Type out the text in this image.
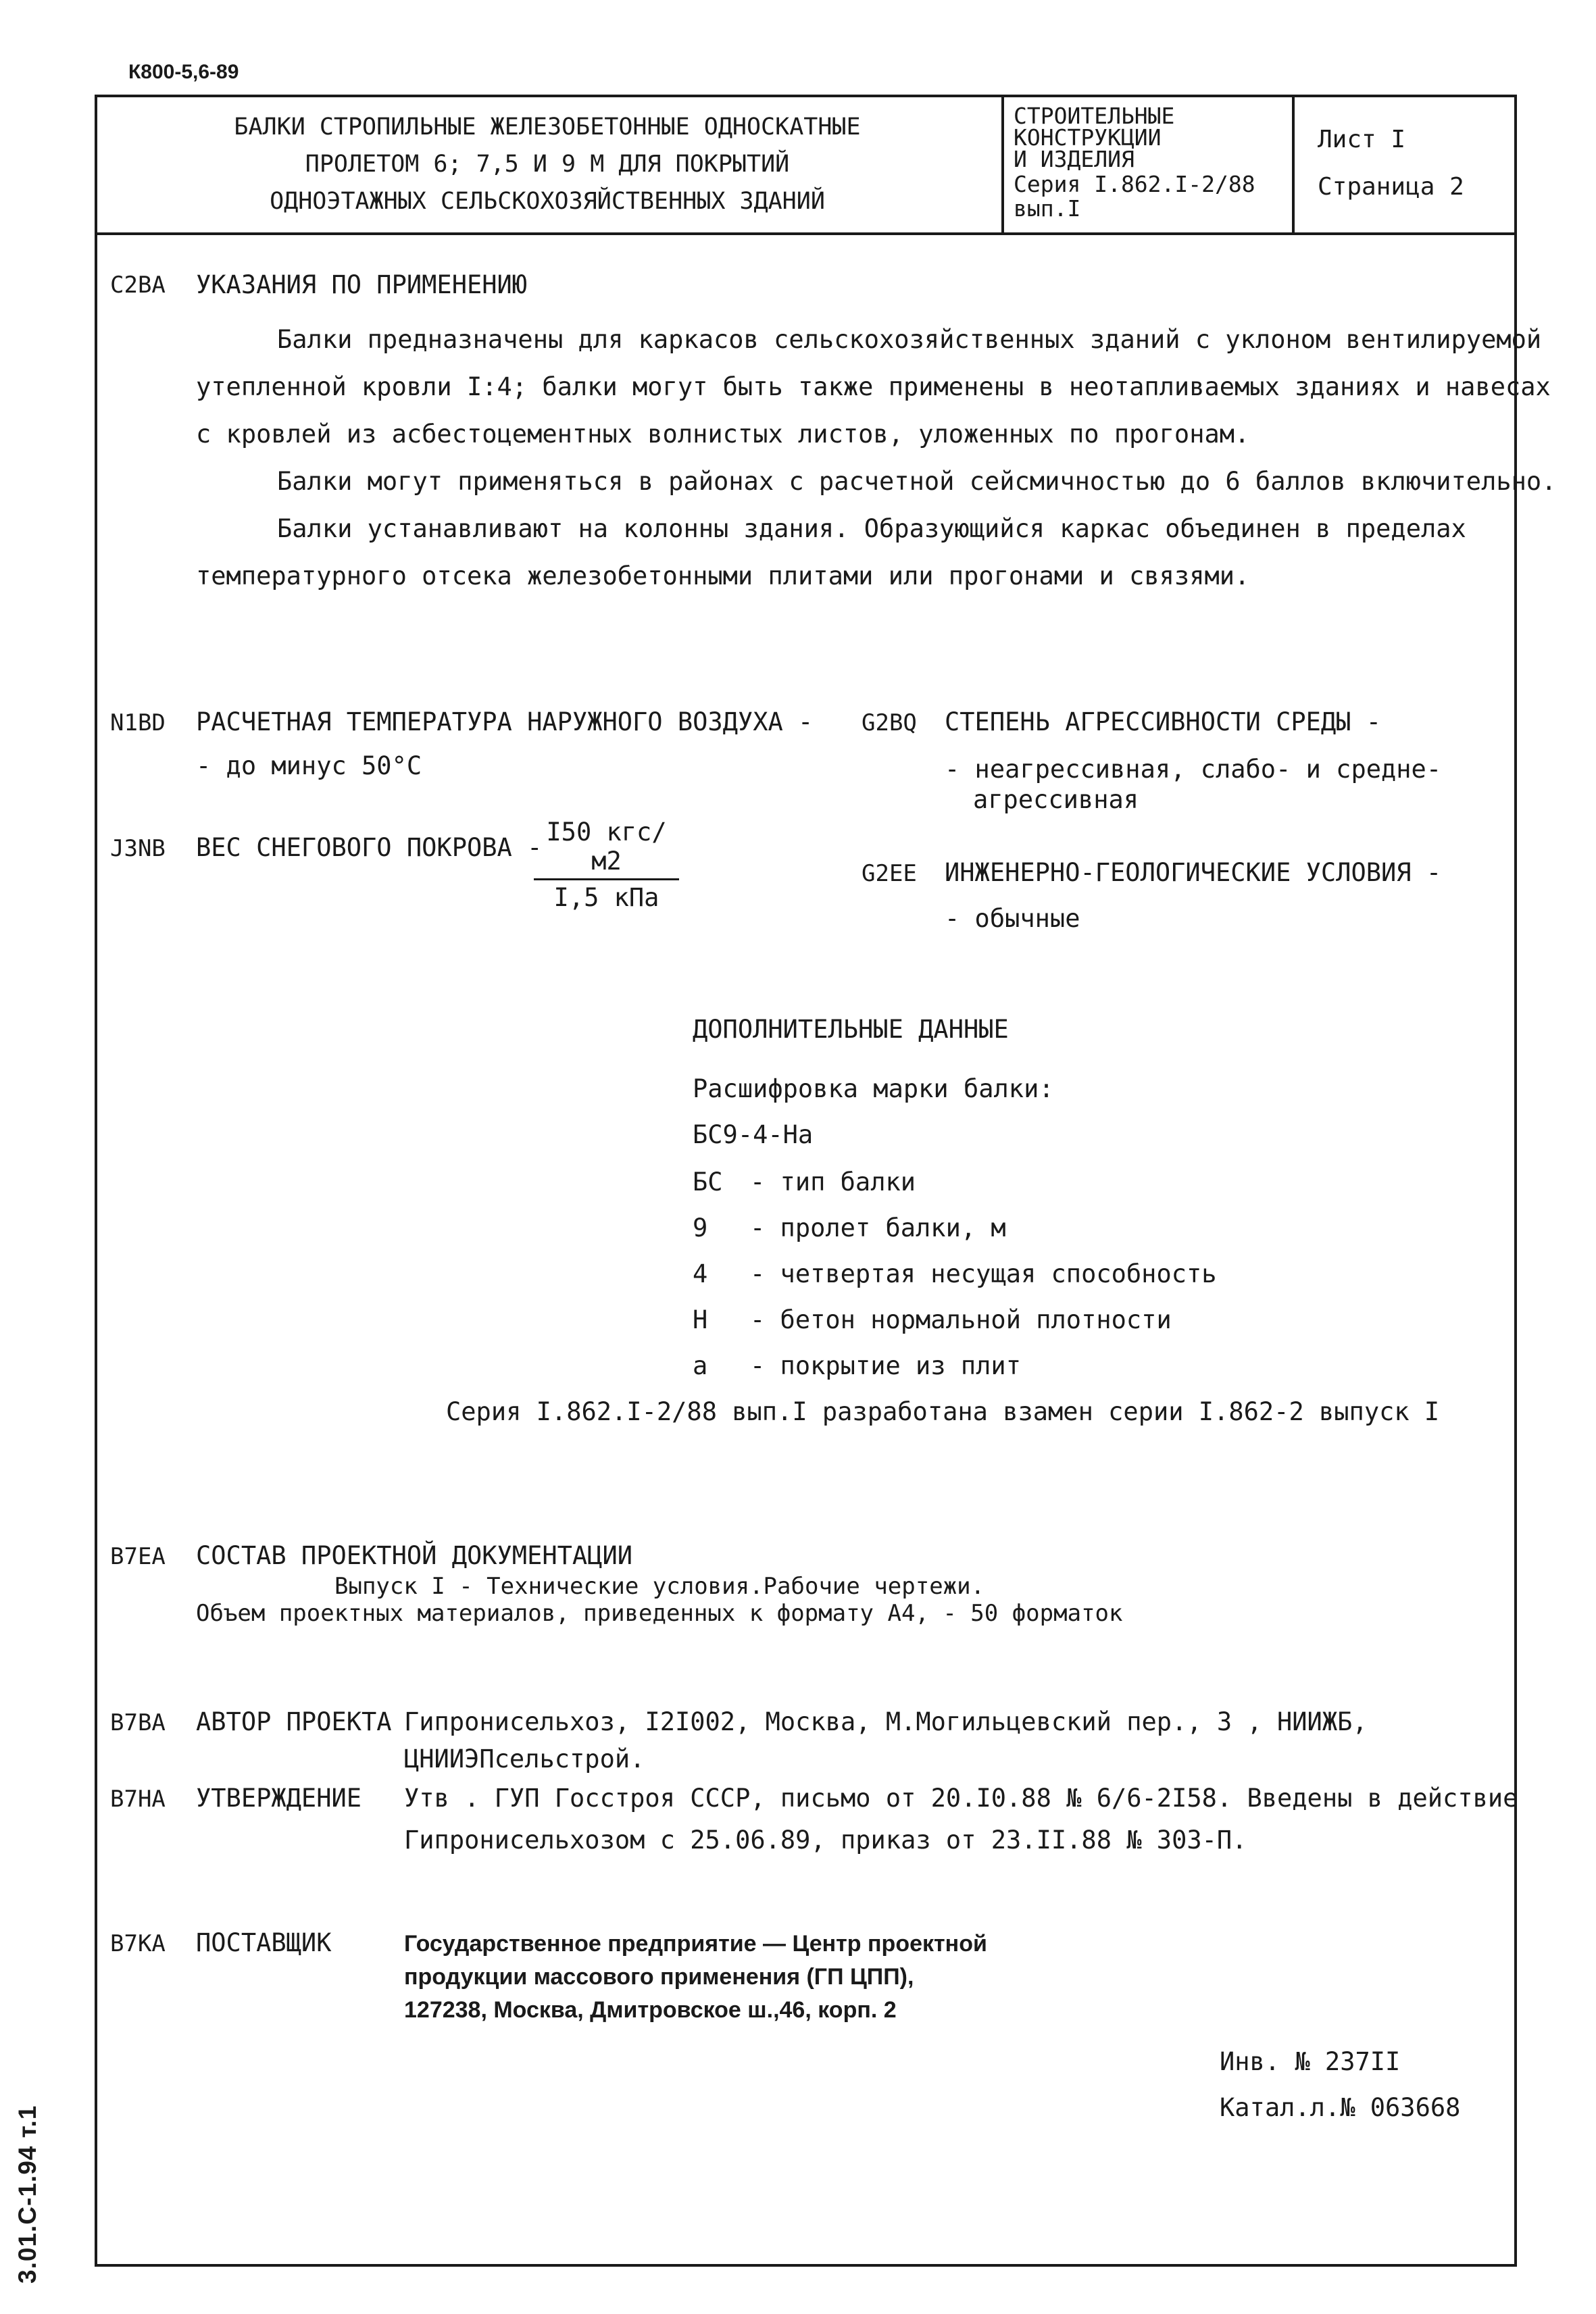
К800-5,6-89
3.01.С-1.94 т.1
БАЛКИ СТРОПИЛЬНЫЕ ЖЕЛЕЗОБЕТОННЫЕ ОДНОСКАТНЫЕ
ПРОЛЕТОМ 6; 7,5 И 9 М ДЛЯ ПОКРЫТИЙ
ОДНОЭТАЖНЫХ СЕЛЬСКОХОЗЯЙСТВЕННЫХ ЗДАНИЙ
СТРОИТЕЛЬНЫЕ
КОНСТРУКЦИИ
И ИЗДЕЛИЯ
Серия I.862.I-2/88
вып.I
Лист I
Страница 2
С2ВА УКАЗАНИЯ ПО ПРИМЕНЕНИЮ
Балки предназначены для каркасов сельскохозяйственных зданий с уклоном вентилируемой
утепленной кровли I:4; балки могут быть также применены в неотапливаемых зданиях и навесах
с кровлей из асбестоцементных волнистых листов, уложенных по прогонам.
Балки могут применяться в районах с расчетной сейсмичностью до 6 баллов включительно.
Балки устанавливают на колонны здания. Образующийся каркас объединен в пределах
температурного отсека железобетонными плитами или прогонами и связями.
N1BD РАСЧЕТНАЯ ТЕМПЕРАТУРА НАРУЖНОГО ВОЗДУХА -
- до минус 50°С
J3NB ВЕС СНЕГОВОГО ПОКРОВА -
I50 кгс/м2
I,5 кПа
G2BQ СТЕПЕНЬ АГРЕССИВНОСТИ СРЕДЫ -
- неагрессивная, слабо- и средне-
агрессивная
G2EE ИНЖЕНЕРНО-ГЕОЛОГИЧЕСКИЕ УСЛОВИЯ -
- обычные
ДОПОЛНИТЕЛЬНЫЕ ДАННЫЕ
Расшифровка марки балки:
БС9-4-На
БС - тип балки
9 - пролет балки, м
4 - четвертая несущая способность
Н - бетон нормальной плотности
а - покрытие из плит
Серия I.862.I-2/88 вып.I разработана взамен серии I.862-2 выпуск I
B7EA СОСТАВ ПРОЕКТНОЙ ДОКУМЕНТАЦИИ
Выпуск I - Технические условия.Рабочие чертежи.
Объем проектных материалов, приведенных к формату А4, - 50 форматок
B7BA АВТОР ПРОЕКТА Гипронисельхоз, I2I002, Москва, М.Могильцевский пер., 3 , НИИЖБ,
ЦНИИЭПсельстрой.
B7HA УТВЕРЖДЕНИЕ Утв . ГУП Госстроя СССР, письмо от 20.I0.88 № 6/6-2I58. Введены в действие
Гипронисельхозом с 25.06.89, приказ от 23.II.88 № 303-П.
B7KA ПОСТАВЩИК	Государственное предприятие — Центр проектной
продукции массового применения (ГП ЦПП),
127238, Москва, Дмитровское ш.,46, корп. 2
Инв. № 237II
Катал.л.№ 063668
